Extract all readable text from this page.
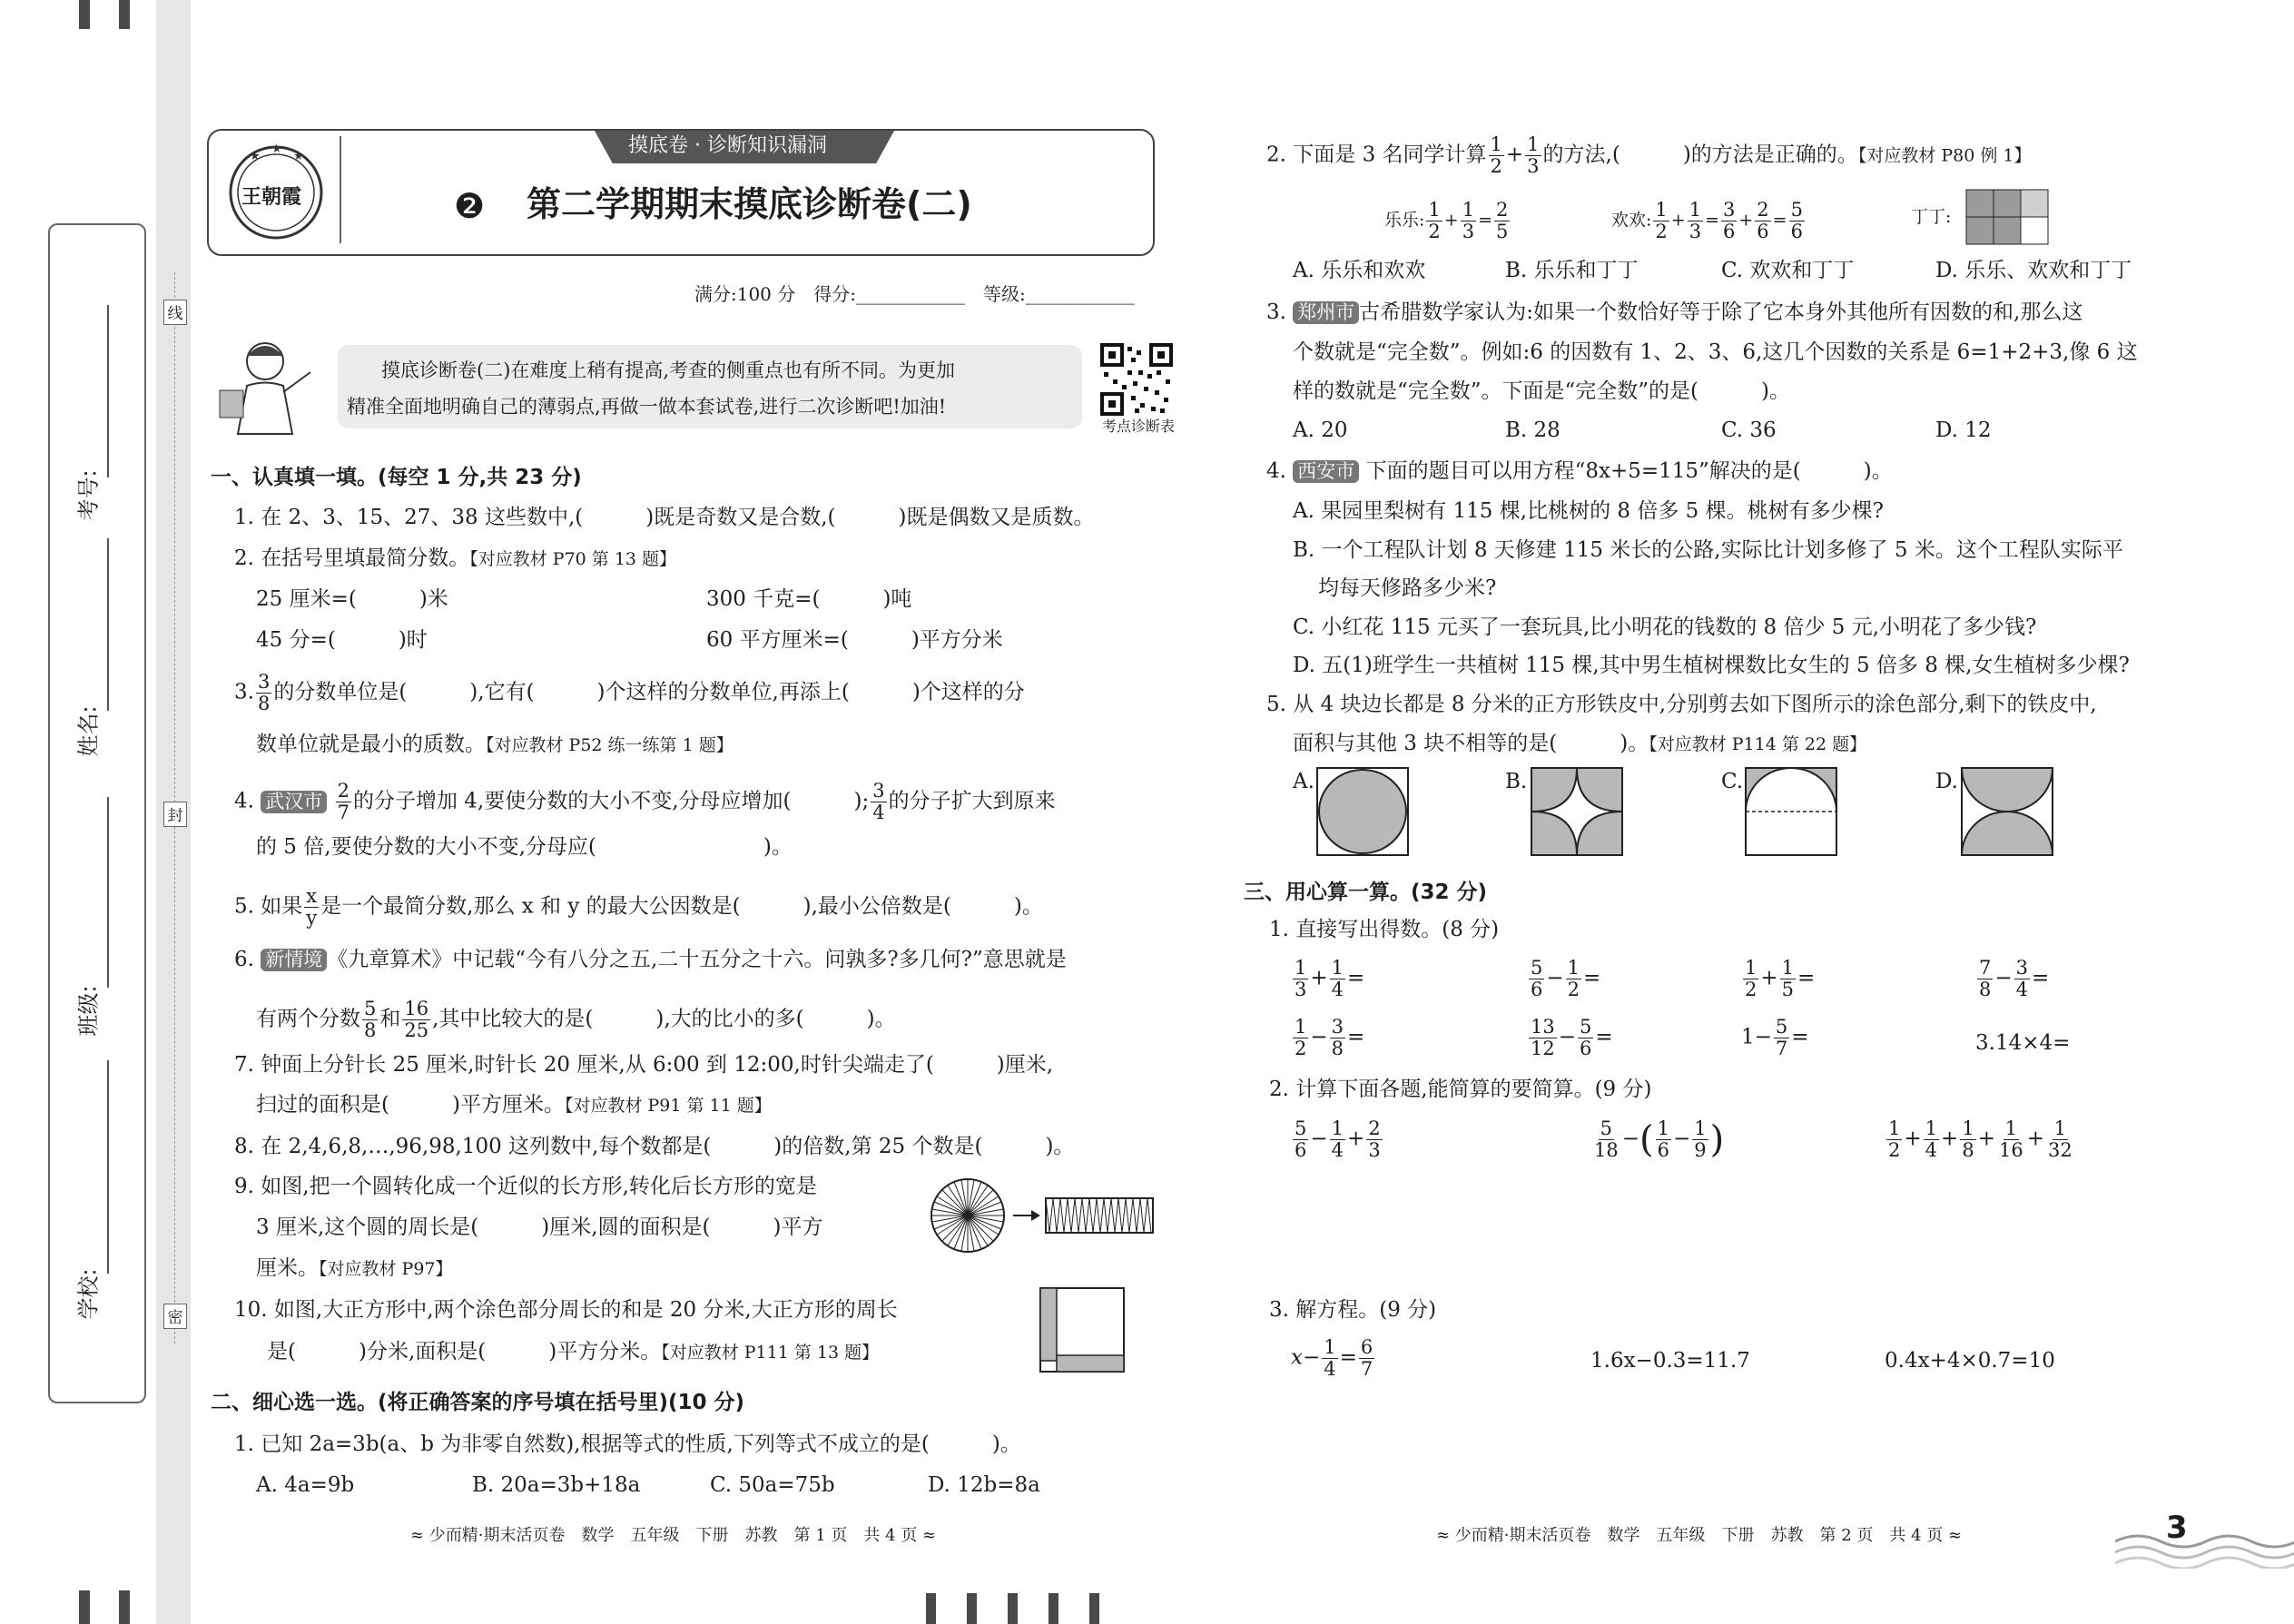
考号:
姓名:
班级:
学校:
线
封
密
王朝霞
摸底卷 · 诊断知识漏洞
❷ 第二学期期末摸底诊断卷(二)
满分:100 分　得分:____________　等级:____________
摸底诊断卷(二)在难度上稍有提高,考查的侧重点也有所不同。为更加
精准全面地明确自己的薄弱点,再做一做本套试卷,进行二次诊断吧!加油!
考点诊断表
一、认真填一填。(每空 1 分,共 23 分)
1. 在 2、3、15、27、38 这些数中,(　　　)既是奇数又是合数,(　　　)既是偶数又是质数。
2. 在括号里填最简分数。【对应教材 P70 第 13 题】
25 厘米=(　　　)米	300 千克=(　　　)吨
45 分=(　　　)时	60 平方厘米=(　　　)平方分米
3. $\frac{3}{8}$ 的分数单位是(　　　),它有(　　　)个这样的分数单位,再添上(　　　)个这样的分
数单位就是最小的质数。【对应教材 P52 练一练第 1 题】
4. 武汉市 $\frac{2}{7}$ 的分子增加 4,要使分数的大小不变,分母应增加(　　　); $\frac{3}{4}$ 的分子扩大到原来
的 5 倍,要使分数的大小不变,分母应(　　　　　　　　)。
5. 如果 $\frac{x}{y}$ 是一个最简分数,那么 x 和 y 的最大公因数是(　　　),最小公倍数是(　　　)。
6. 新情境 《九章算术》中记载“今有八分之五,二十五分之十六。问孰多?多几何?”意思就是
有两个分数 $\frac{5}{8}$ 和 $\frac{16}{25}$ ,其中比较大的是(　　　),大的比小的多(　　　)。
7. 钟面上分针长 25 厘米,时针长 20 厘米,从 6:00 到 12:00,时针尖端走了(　　　)厘米,
扫过的面积是(　　　)平方厘米。【对应教材 P91 第 11 题】
8. 在 2,4,6,8,…,96,98,100 这列数中,每个数都是(　　　)的倍数,第 25 个数是(　　　)。
9. 如图,把一个圆转化成一个近似的长方形,转化后长方形的宽是
3 厘米,这个圆的周长是(　　　)厘米,圆的面积是(　　　)平方
厘米。【对应教材 P97】
10. 如图,大正方形中,两个涂色部分周长的和是 20 分米,大正方形的周长
是(　　　)分米,面积是(　　　)平方分米。【对应教材 P111 第 13 题】
二、细心选一选。(将正确答案的序号填在括号里)(10 分)
1. 已知 2a=3b(a、b 为非零自然数),根据等式的性质,下列等式不成立的是(　　　)。
A. 4a=9b	B. 20a=3b+18a	C. 50a=75b	D. 12b=8a
≈ 少而精·期末活页卷　数学　五年级　下册　苏教　第 1 页　共 4 页 ≈
2. 下面是 3 名同学计算 $\frac{1}{2} + \frac{1}{3}$ 的方法,(　　　)的方法是正确的。【对应教材 P80 例 1】
乐乐: $\frac{1}{2} + \frac{1}{3} = \frac{2}{5}$	欢欢: $\frac{1}{2} + \frac{1}{3} = \frac{3}{6} + \frac{2}{6} = \frac{5}{6}$	丁丁:
A. 乐乐和欢欢	B. 乐乐和丁丁	C. 欢欢和丁丁	D. 乐乐、欢欢和丁丁
3. 郑州市 古希腊数学家认为:如果一个数恰好等于除了它本身外其他所有因数的和,那么这
个数就是“完全数”。例如:6 的因数有 1、2、3、6,这几个因数的关系是 6=1+2+3,像 6 这
样的数就是“完全数”。下面是“完全数”的是(　　　)。
A. 20	B. 28	C. 36	D. 12
4. 西安市 下面的题目可以用方程“8x+5=115”解决的是(　　　)。
A. 果园里梨树有 115 棵,比桃树的 8 倍多 5 棵。桃树有多少棵?
B. 一个工程队计划 8 天修建 115 米长的公路,实际比计划多修了 5 米。这个工程队实际平
均每天修路多少米?
C. 小红花 115 元买了一套玩具,比小明花的钱数的 8 倍少 5 元,小明花了多少钱?
D. 五(1)班学生一共植树 115 棵,其中男生植树棵数比女生的 5 倍多 8 棵,女生植树多少棵?
5. 从 4 块边长都是 8 分米的正方形铁皮中,分别剪去如下图所示的涂色部分,剩下的铁皮中,
面积与其他 3 块不相等的是(　　　)。【对应教材 P114 第 22 题】
A.	B.	C.	D.
三、用心算一算。(32 分)
1. 直接写出得数。(8 分)
$\frac{1}{3} + \frac{1}{4}$ =	$\frac{5}{6} - \frac{1}{2}$ =	$\frac{1}{2} + \frac{1}{5}$ =	$\frac{7}{8} - \frac{3}{4}$ =
$\frac{1}{2} - \frac{3}{8}$ =	$\frac{13}{12} - \frac{5}{6}$ =	$1- \frac{5}{7}$ =	3.14×4=
2. 计算下面各题,能简算的要简算。(9 分)
$\frac{5}{6} - \frac{1}{4} + \frac{2}{3}$	$\frac{5}{18}$ −( $\frac{1}{6} - \frac{1}{9}$ )	$\frac{1}{2} + \frac{1}{4} + \frac{1}{8} + \frac{1}{16} + \frac{1}{32}$
3. 解方程。(9 分)
$x- \frac{1}{4} = \frac{6}{7}$	1.6x−0.3=11.7	0.4x+4×0.7=10
≈ 少而精·期末活页卷　数学　五年级　下册　苏教　第 2 页　共 4 页 ≈	3
